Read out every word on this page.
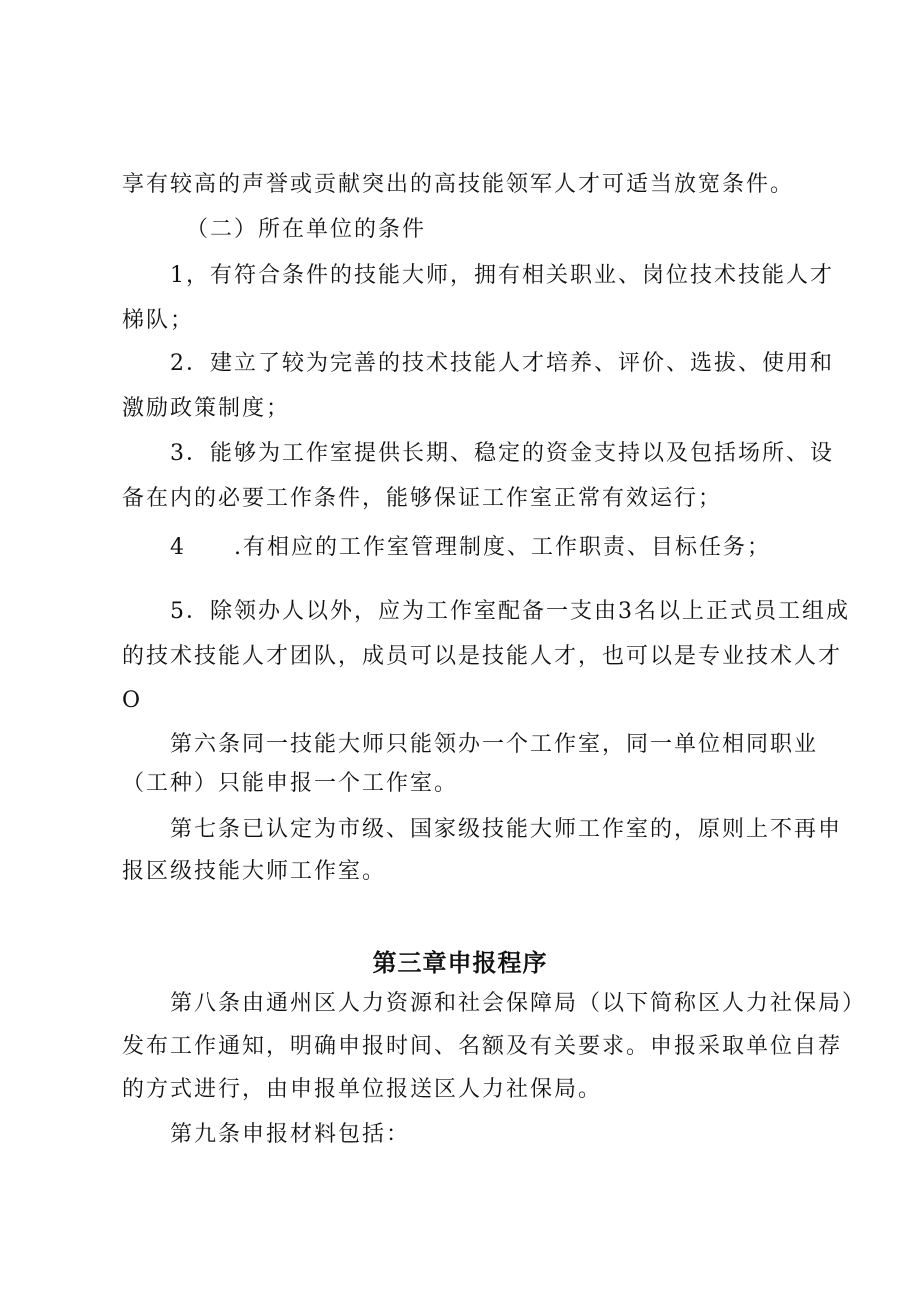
享有较高的声誉或贡献突出的高技能领军人才可适当放宽条件。
（二）所在单位的条件
1，有符合条件的技能大师，拥有相关职业、岗位技术技能人才
梯队；
2．建立了较为完善的技术技能人才培养、评价、选拔、使用和
激励政策制度；
3．能够为工作室提供长期、稳定的资金支持以及包括场所、设
备在内的必要工作条件，能够保证工作室正常有效运行；
4　　.有相应的工作室管理制度、工作职责、目标任务；
5．除领办人以外，应为工作室配备一支由3名以上正式员工组成
的技术技能人才团队，成员可以是技能人才，也可以是专业技术人才
O
第六条同一技能大师只能领办一个工作室，同一单位相同职业
（工种）只能申报一个工作室。
第七条已认定为市级、国家级技能大师工作室的，原则上不再申
报区级技能大师工作室。
第三章申报程序
第八条由通州区人力资源和社会保障局（以下简称区人力社保局）
发布工作通知，明确申报时间、名额及有关要求。申报采取单位自荐
的方式进行，由申报单位报送区人力社保局。
第九条申报材料包括：
